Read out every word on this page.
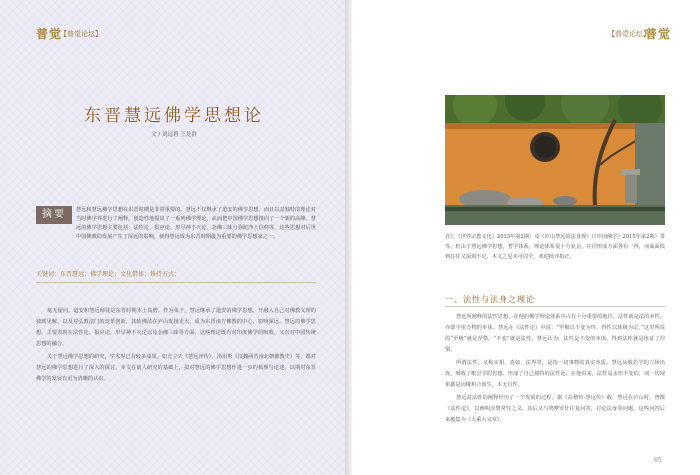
普觉
【普觉论坛】	【普觉论坛】
普觉
东晋慧远佛学思想论
文 / 刘远碧 王龙群
摘要	慧远和慧远佛学思想在东晋时期是非常重要的。慧远不仅继承了道安的佛学思想，而且以其独特的理论对当时佛学界进行了阐释，创造性地提出了一系列佛学理论，从而把中国佛学思想推向了一个新的高峰。慧远的佛学思想主要包括：法性论、报应论、形尽神不灭论、念佛三昧与弥陀净土信仰等，这些思想对后世中国佛教的发展产生了深远的影响，使得慧远成为东晋时期最为重要的佛学思想家之一。
关键词：东晋慧远；佛学理论；文化借体；修持方式；

毫无疑问，道安和慧远师徒是东晋时期本土高僧。作为弟子，慧远继承了道安的佛学思想，开融入自己对佛教义理的独到见解，以及对弘教法门的变革创新，其致佛法在庐山发扬光大，成为东晋南方佛教的中心，影响深远。慧远的佛学思想，主要表现在法性论、报应论、形尽神不灭论以及念佛三昧等方面，这些理论既有对印度佛学的吸收，又有对中国传统思想的融合。

关于慧远佛学思想的研究，学术界已有较多成果。如方立天《慧远评传》、汤用彤《汉魏两晋南北朝佛教史》等，都对慧远的佛学思想进行了深入的探讨。本文在前人研究的基础上，拟对慧远的佛学思想作进一步的梳理与论述，以期对东晋佛学的发展有更为清晰的认识。

晋》，《世界宗教文化》2015年第2期）及《庐山慧远的法身观》（《中国佛学》2015年第2期）等等，但由于慧远佛学思想，哲学体系，理论体系很十分复杂，往往形成方面各有一得，而面面俱到往往又深刻不足。本文之见未可周全，欢迎批评指正。
一、法性与法身之理论

慧远所阐释的法性思想，在他的佛学理论体系中占有十分重要的地位。法性就是法的本性，亦即宇宙万物的本体。慧远在《法性论》中说：“至极以不变为性，得性以体极为宗。”这里所说的“至极”就是涅槃，“不变”就是法性。慧远认为，法性是不变的本体，得到法性就是体证了涅槃。

所谓法性，又称实相、真如、法界等，是指一切事物的真实本质。慧远从般若学的立场出发，吸收了毗昙学的思想，形成了自己独特的法性论。在他看来，法性是永恒不变的，而一切现象都是因缘和合而生，本无自性。

慧远对法性的阐释经历了一个发展的过程。据《高僧传·慧远传》载，慧远在庐山时，曾撰《法性论》，以阐明涅槃常住之义。其后又与鸠摩罗什往复问答，讨论法身等问题，这些问答后来被集为《大乘大义章》。

05
